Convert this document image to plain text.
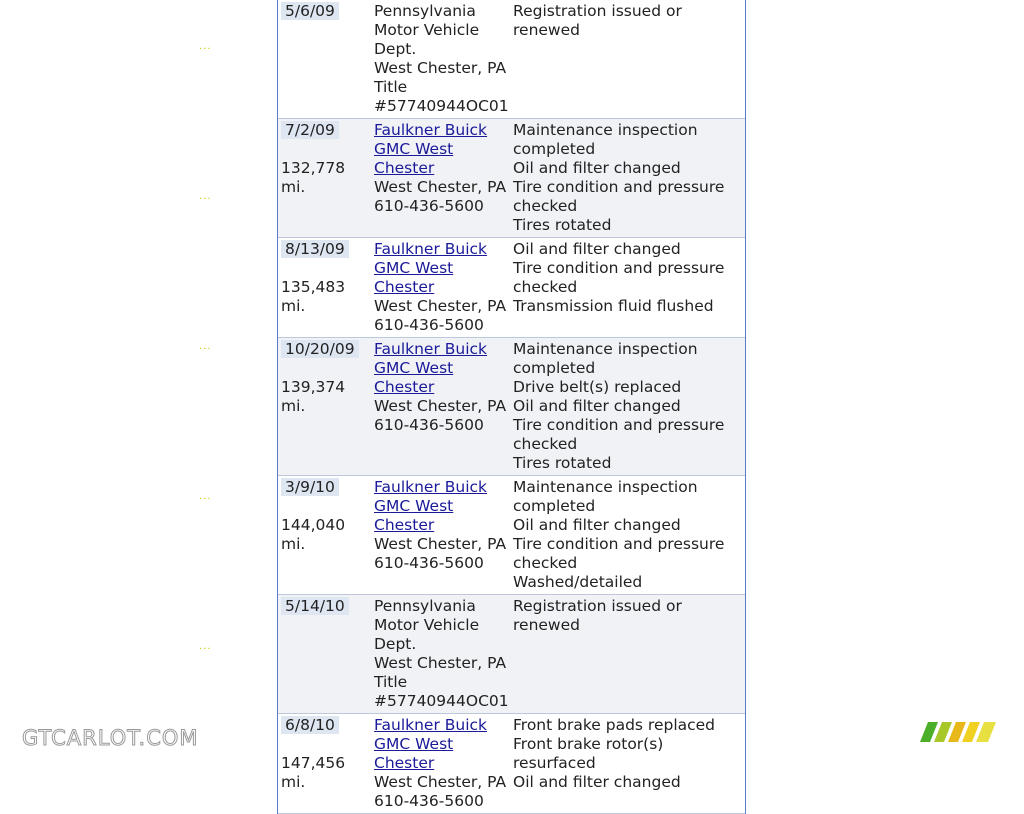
···
···
···
···
···
5/6/09	Pennsylvania
Motor Vehicle
Dept.
West Chester, PA
Title
#57740944OC01
Registration issued or renewed
7/2/09
132,778 mi.
Faulkner Buick
GMC West
Chester
West Chester, PA
610-436-5600
Maintenance inspection
completed
Oil and filter changed
Tire condition and pressure
checked
Tires rotated
8/13/09
135,483 mi.
Faulkner Buick
GMC West
Chester
West Chester, PA
610-436-5600
Oil and filter changed
Tire condition and pressure
checked
Transmission fluid flushed
10/20/09
139,374 mi.
Faulkner Buick
GMC West
Chester
West Chester, PA
610-436-5600
Maintenance inspection
completed
Drive belt(s) replaced
Oil and filter changed
Tire condition and pressure
checked
Tires rotated
3/9/10
144,040 mi.
Faulkner Buick
GMC West
Chester
West Chester, PA
610-436-5600
Maintenance inspection
completed
Oil and filter changed
Tire condition and pressure
checked
Washed/detailed
5/14/10	Pennsylvania
Motor Vehicle
Dept.
West Chester, PA
Title
#57740944OC01
Registration issued or renewed
6/8/10
147,456 mi.
Faulkner Buick
GMC West
Chester
West Chester, PA
610-436-5600
Front brake pads replaced
Front brake rotor(s) resurfaced
Oil and filter changed
GTCARLOT.COM
